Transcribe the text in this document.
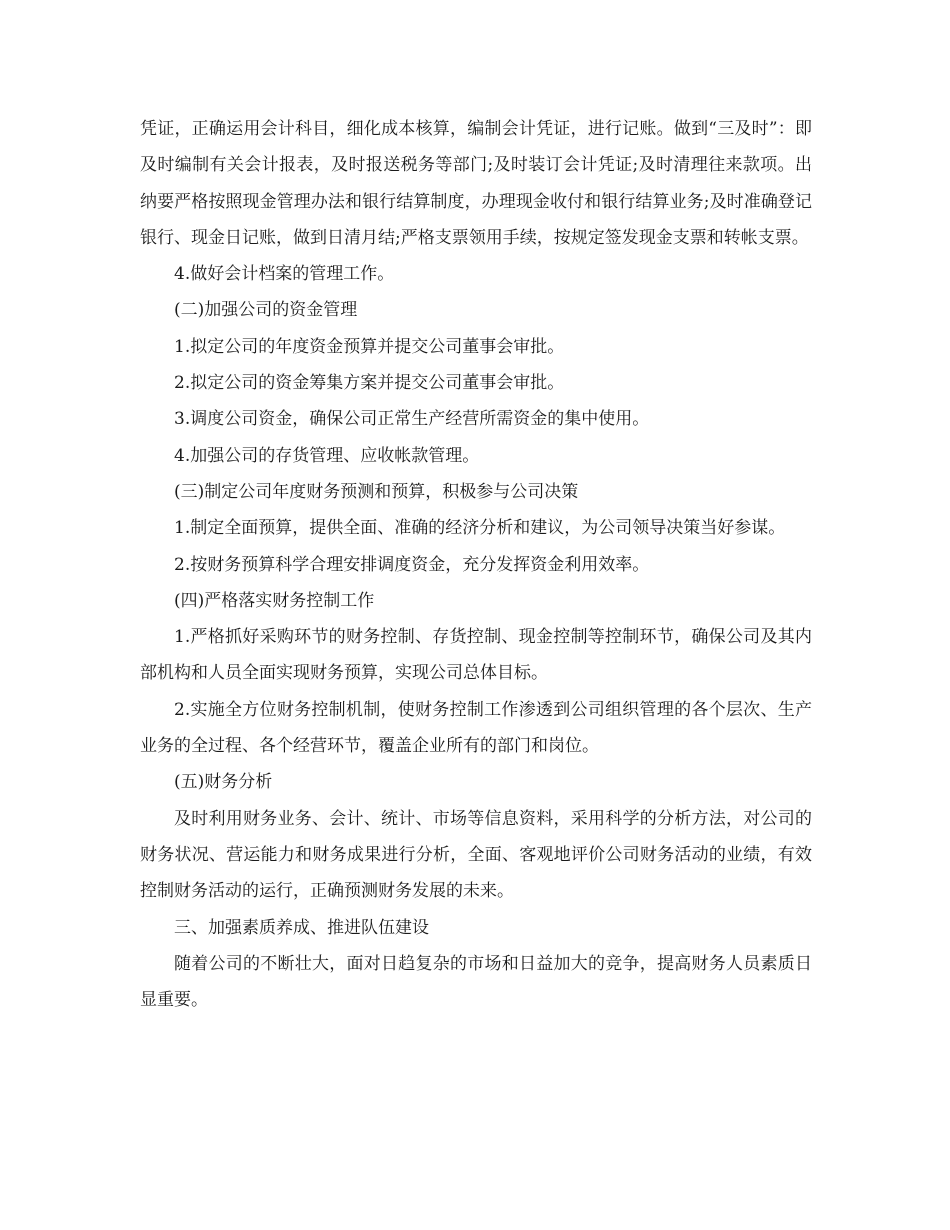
凭证，正确运用会计科目，细化成本核算，编制会计凭证，进行记账。做到“三及时”：即及时编制有关会计报表，及时报送税务等部门;及时装订会计凭证;及时清理往来款项。出纳要严格按照现金管理办法和银行结算制度，办理现金收付和银行结算业务;及时准确登记银行、现金日记账，做到日清月结;严格支票领用手续，按规定签发现金支票和转帐支票。

4.做好会计档案的管理工作。

(二)加强公司的资金管理

1.拟定公司的年度资金预算并提交公司董事会审批。

2.拟定公司的资金筹集方案并提交公司董事会审批。

3.调度公司资金，确保公司正常生产经营所需资金的集中使用。

4.加强公司的存货管理、应收帐款管理。

(三)制定公司年度财务预测和预算，积极参与公司决策

1.制定全面预算，提供全面、准确的经济分析和建议，为公司领导决策当好参谋。

2.按财务预算科学合理安排调度资金，充分发挥资金利用效率。

(四)严格落实财务控制工作

1.严格抓好采购环节的财务控制、存货控制、现金控制等控制环节，确保公司及其内部机构和人员全面实现财务预算，实现公司总体目标。

2.实施全方位财务控制机制，使财务控制工作渗透到公司组织管理的各个层次、生产业务的全过程、各个经营环节，覆盖企业所有的部门和岗位。

(五)财务分析

及时利用财务业务、会计、统计、市场等信息资料，采用科学的分析方法，对公司的财务状况、营运能力和财务成果进行分析，全面、客观地评价公司财务活动的业绩，有效控制财务活动的运行，正确预测财务发展的未来。

三、加强素质养成、推进队伍建设

随着公司的不断壮大，面对日趋复杂的市场和日益加大的竞争，提高财务人员素质日显重要。
